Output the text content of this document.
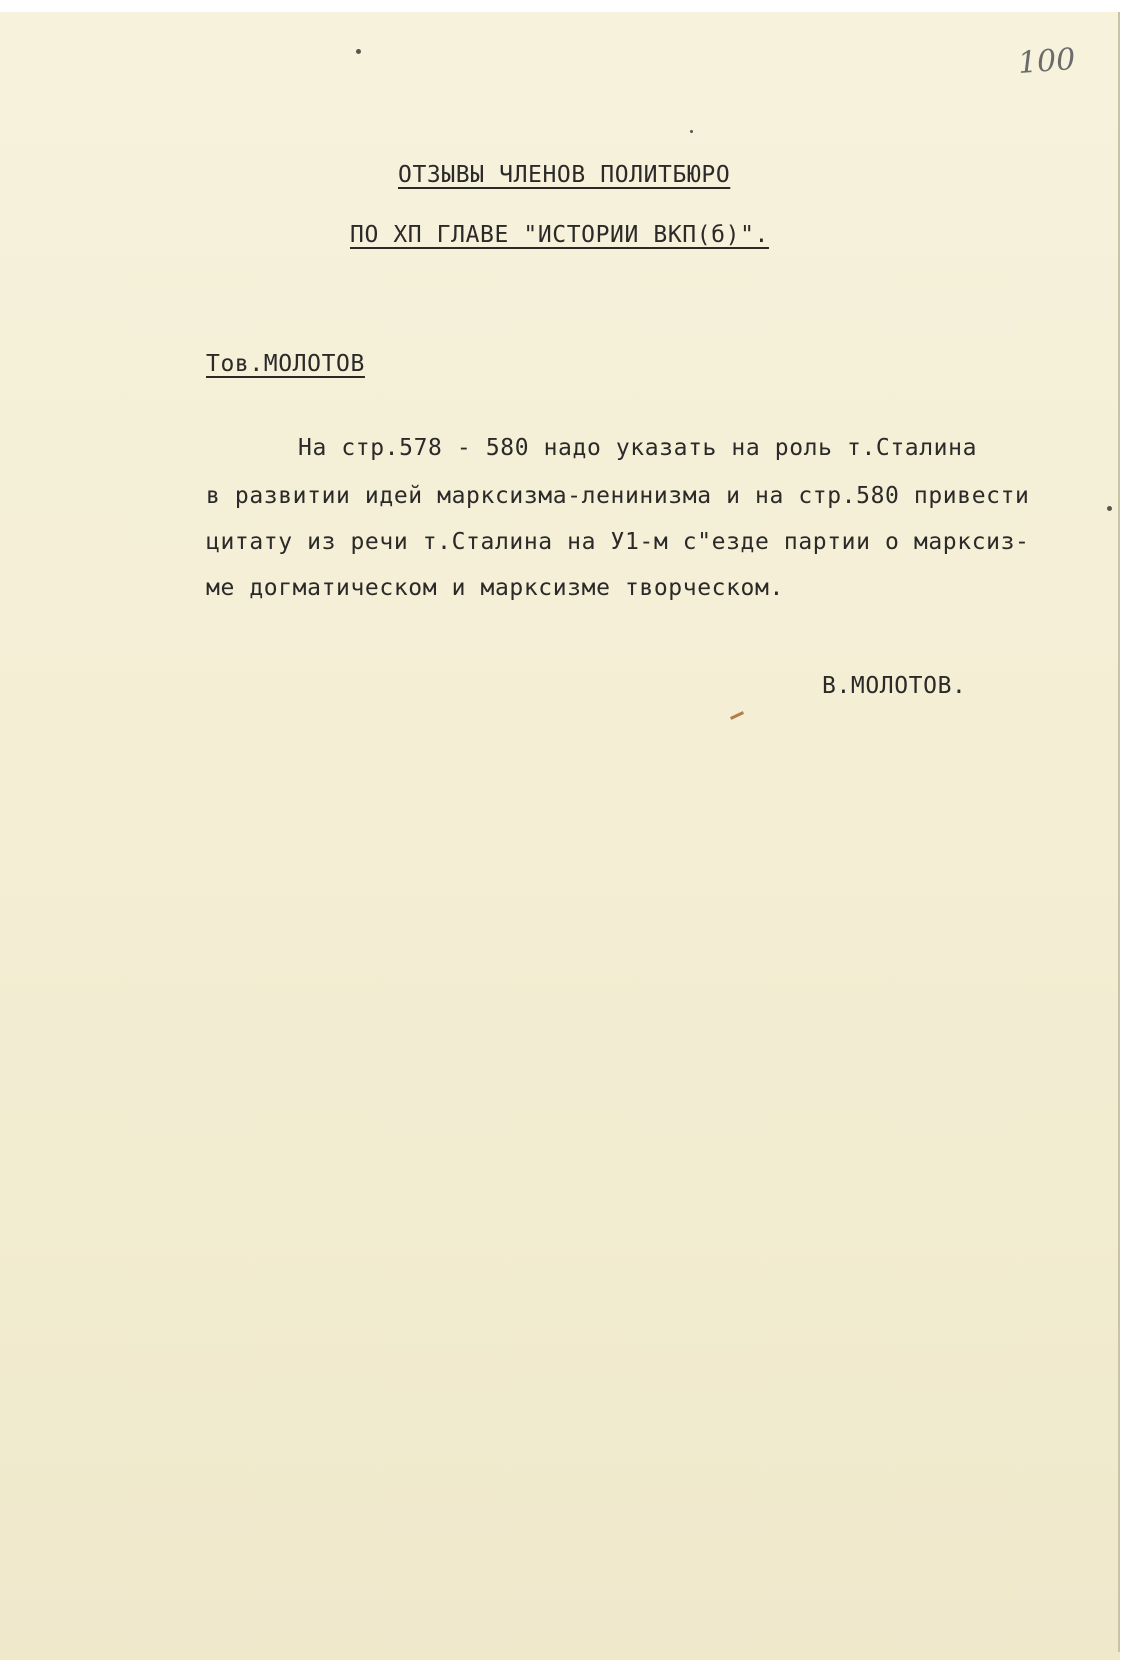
100
ОТЗЫВЫ ЧЛЕНОВ ПОЛИТБЮРО
ПО ХП ГЛАВЕ "ИСТОРИИ ВКП(б)".
Тов.МОЛОТОВ
На стр.578 - 580 надо указать на роль т.Сталина
в развитии идей марксизма-ленинизма и на стр.580 привести
цитату из речи т.Сталина на У1-м с"езде партии о марксиз-
ме догматическом и марксизме творческом.
В.МОЛОТОВ.
